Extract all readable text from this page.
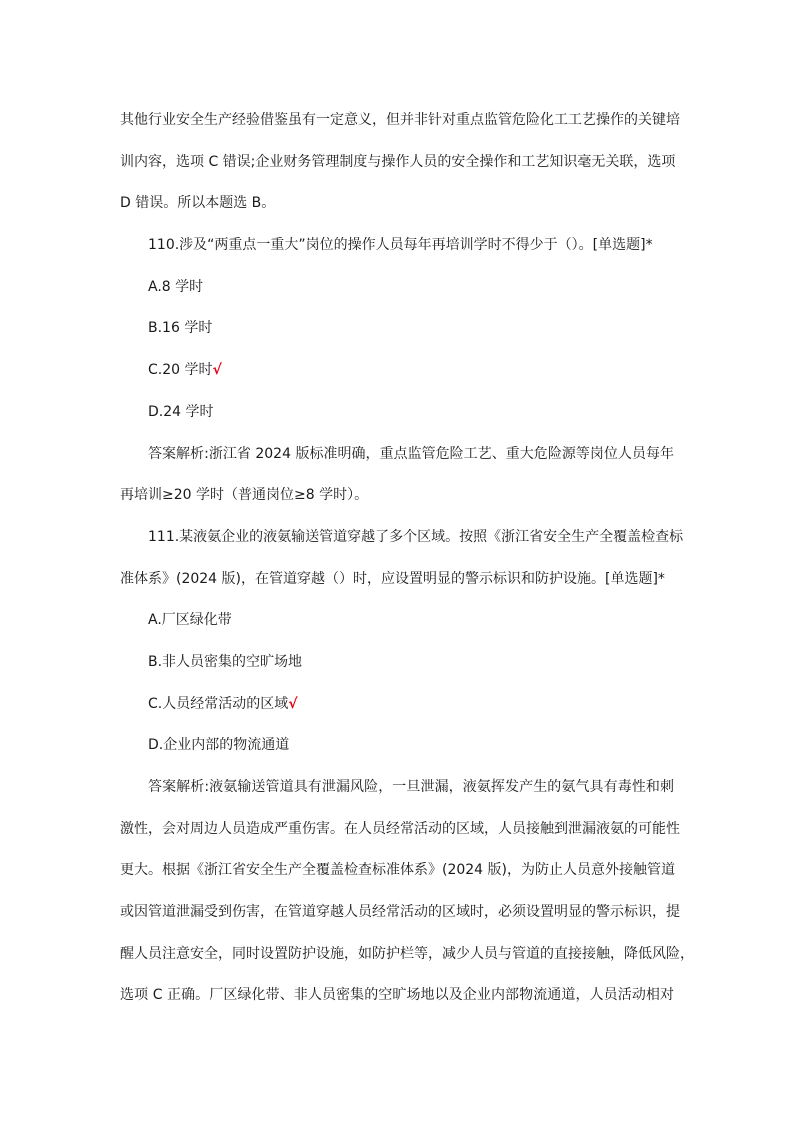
其他行业安全生产经验借鉴虽有一定意义，但并非针对重点监管危险化工工艺操作的关键培
训内容，选项 C 错误;企业财务管理制度与操作人员的安全操作和工艺知识毫无关联，选项
D 错误。所以本题选 B。
110.涉及“两重点一重大”岗位的操作人员每年再培训学时不得少于（）。[单选题]*
A.8 学时
B.16 学时
C.20 学时√
D.24 学时
答案解析:浙江省 2024 版标准明确，重点监管危险工艺、重大危险源等岗位人员每年
再培训≥20 学时（普通岗位≥8 学时）。
111.某液氨企业的液氨输送管道穿越了多个区域。按照《浙江省安全生产全覆盖检查标
准体系》(2024 版)，在管道穿越（）时，应设置明显的警示标识和防护设施。[单选题]*
A.厂区绿化带
B.非人员密集的空旷场地
C.人员经常活动的区域√
D.企业内部的物流通道
答案解析:液氨输送管道具有泄漏风险，一旦泄漏，液氨挥发产生的氨气具有毒性和刺
激性，会对周边人员造成严重伤害。在人员经常活动的区域，人员接触到泄漏液氨的可能性
更大。根据《浙江省安全生产全覆盖检查标准体系》(2024 版)，为防止人员意外接触管道
或因管道泄漏受到伤害，在管道穿越人员经常活动的区域时，必须设置明显的警示标识，提
醒人员注意安全，同时设置防护设施，如防护栏等，减少人员与管道的直接接触，降低风险，
选项 C 正确。厂区绿化带、非人员密集的空旷场地以及企业内部物流通道，人员活动相对
